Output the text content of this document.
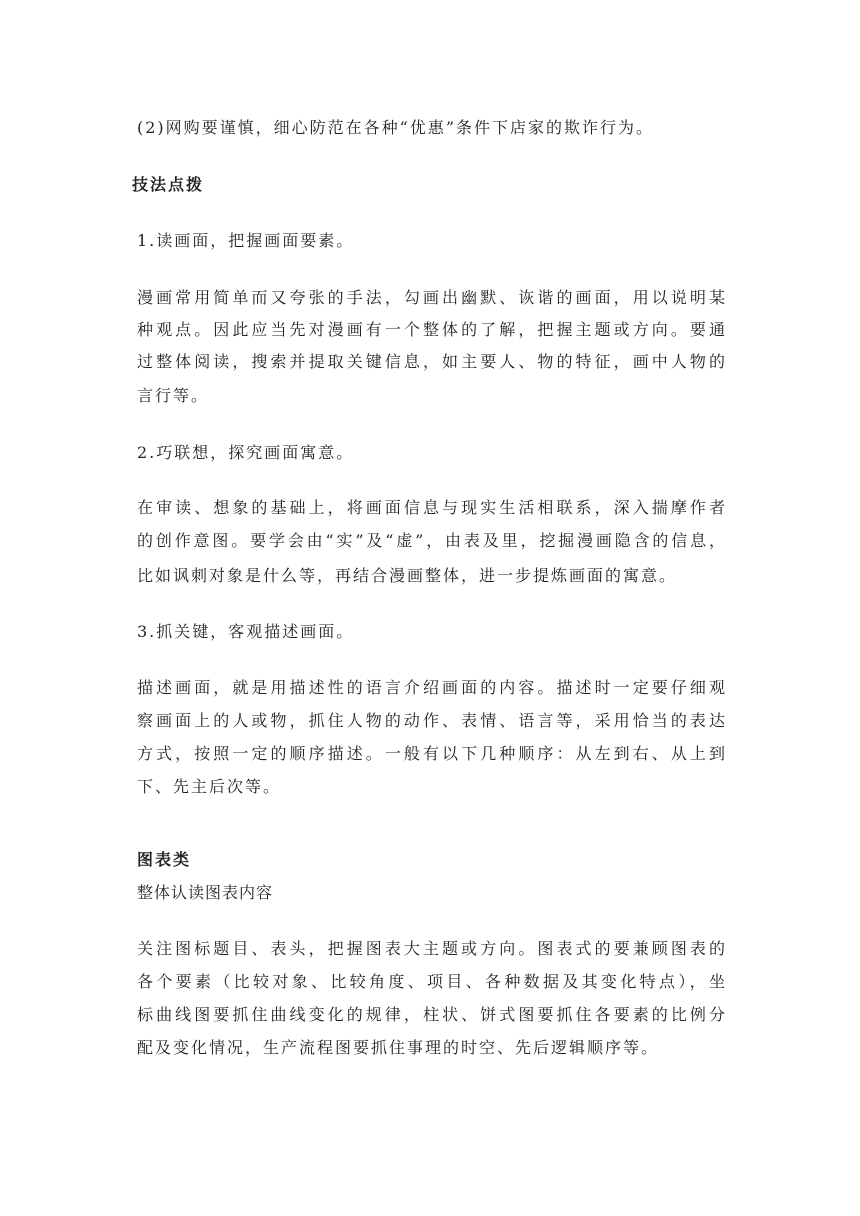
(2)网购要谨慎，细心防范在各种“优惠”条件下店家的欺诈行为。
技法点拨
1.读画面，把握画面要素。
漫画常用简单而又夸张的手法，勾画出幽默、诙谐的画面，用以说明某
种观点。因此应当先对漫画有一个整体的了解，把握主题或方向。要通
过整体阅读，搜索并提取关键信息，如主要人、物的特征，画中人物的
言行等。
2.巧联想，探究画面寓意。
在审读、想象的基础上，将画面信息与现实生活相联系，深入揣摩作者
的创作意图。要学会由“实”及“虚”，由表及里，挖掘漫画隐含的信息，
比如讽刺对象是什么等，再结合漫画整体，进一步提炼画面的寓意。
3.抓关键，客观描述画面。
描述画面，就是用描述性的语言介绍画面的内容。描述时一定要仔细观
察画面上的人或物，抓住人物的动作、表情、语言等，采用恰当的表达
方式，按照一定的顺序描述。一般有以下几种顺序：从左到右、从上到
下、先主后次等。
图表类
整体认读图表内容
关注图标题目、表头，把握图表大主题或方向。图表式的要兼顾图表的
各个要素（比较对象、比较角度、项目、各种数据及其变化特点），坐
标曲线图要抓住曲线变化的规律，柱状、饼式图要抓住各要素的比例分
配及变化情况，生产流程图要抓住事理的时空、先后逻辑顺序等。
